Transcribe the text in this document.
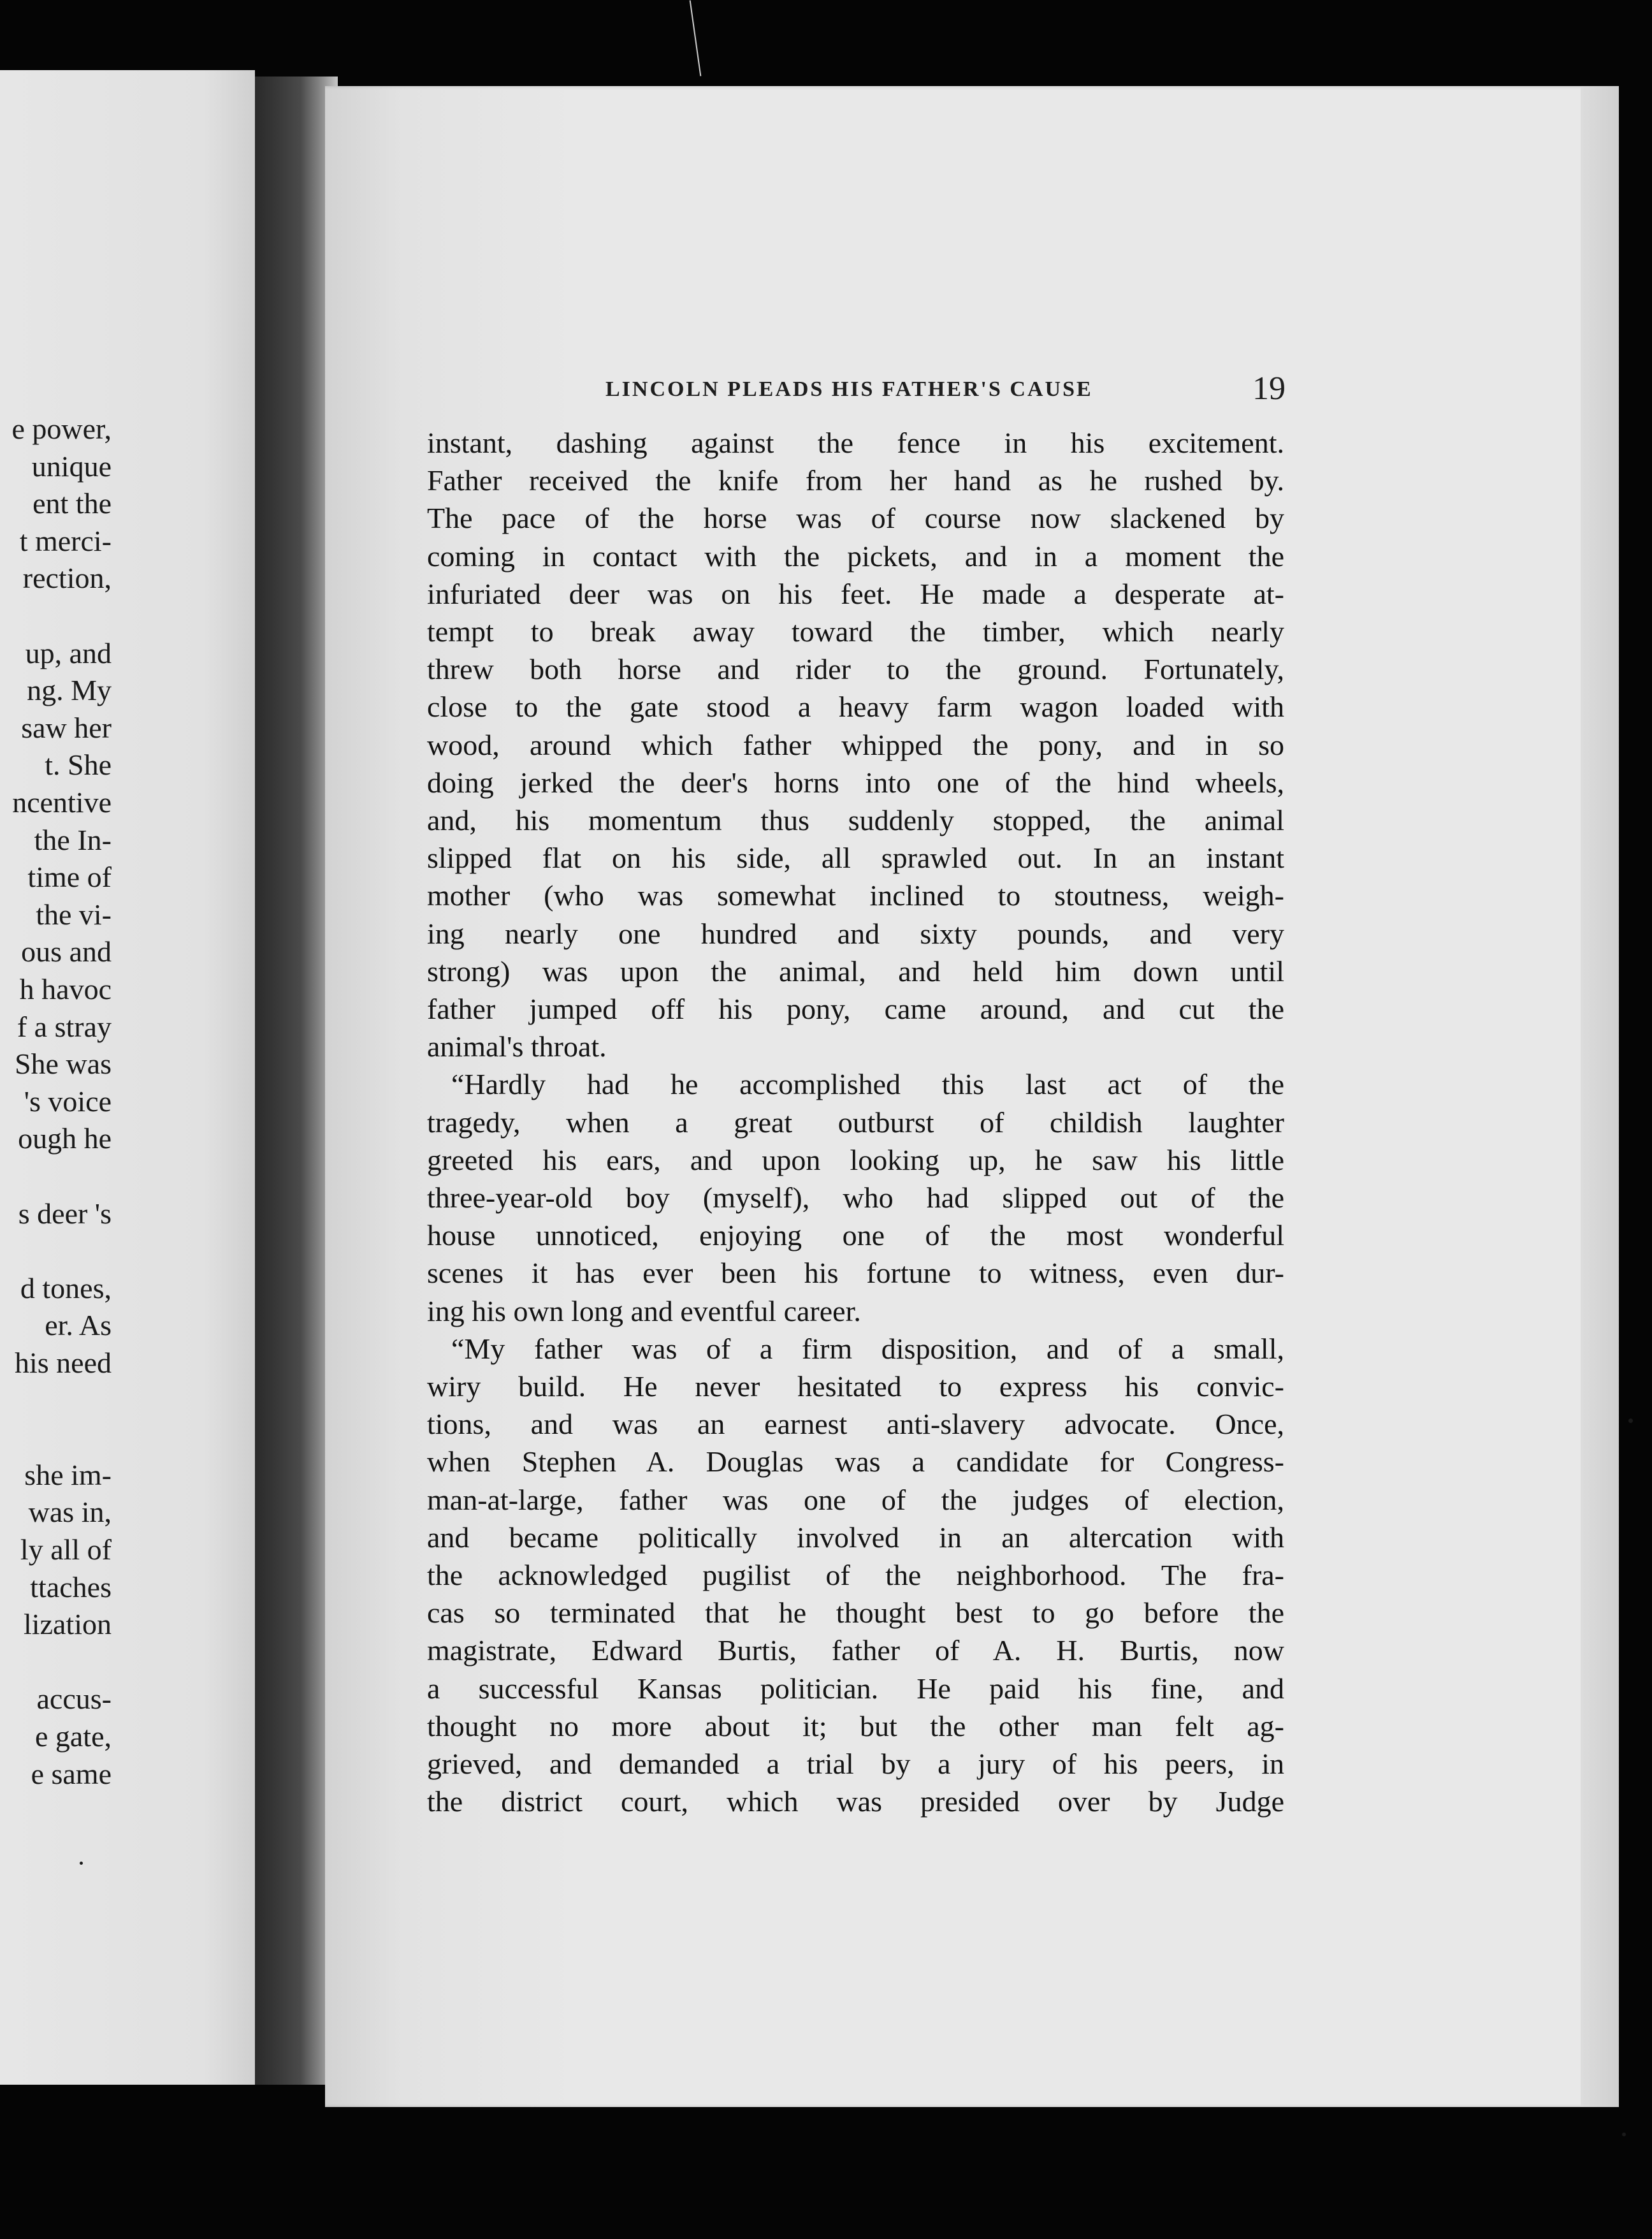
e power,
unique
ent the
t merci-
rection,
up, and
ng. My
saw her
t. She
ncentive
the In-
time of
the vi-
ous and
h havoc
f a stray
She was
's voice
ough he
s deer 's
d tones,
er. As
his need
she im-
was in,
ly all of
ttaches
lization
accus-
e gate,
e same
LINCOLN PLEADS HIS FATHER'S CAUSE	19
instant, dashing against the fence in his excitement.
Father received the knife from her hand as he rushed by.
The pace of the horse was of course now slackened by
coming in contact with the pickets, and in a moment the
infuriated deer was on his feet. He made a desperate at-
tempt to break away toward the timber, which nearly
threw both horse and rider to the ground. Fortunately,
close to the gate stood a heavy farm wagon loaded with
wood, around which father whipped the pony, and in so
doing jerked the deer's horns into one of the hind wheels,
and, his momentum thus suddenly stopped, the animal
slipped flat on his side, all sprawled out. In an instant
mother (who was somewhat inclined to stoutness, weigh-
ing nearly one hundred and sixty pounds, and very
strong) was upon the animal, and held him down until
father jumped off his pony, came around, and cut the
animal's throat.
“Hardly had he accomplished this last act of the
tragedy, when a great outburst of childish laughter
greeted his ears, and upon looking up, he saw his little
three-year-old boy (myself), who had slipped out of the
house unnoticed, enjoying one of the most wonderful
scenes it has ever been his fortune to witness, even dur-
ing his own long and eventful career.
“My father was of a firm disposition, and of a small,
wiry build. He never hesitated to express his convic-
tions, and was an earnest anti-slavery advocate. Once,
when Stephen A. Douglas was a candidate for Congress-
man-at-large, father was one of the judges of election,
and became politically involved in an altercation with
the acknowledged pugilist of the neighborhood. The fra-
cas so terminated that he thought best to go before the
magistrate, Edward Burtis, father of A. H. Burtis, now
a successful Kansas politician. He paid his fine, and
thought no more about it; but the other man felt ag-
grieved, and demanded a trial by a jury of his peers, in
the district court, which was presided over by Judge
